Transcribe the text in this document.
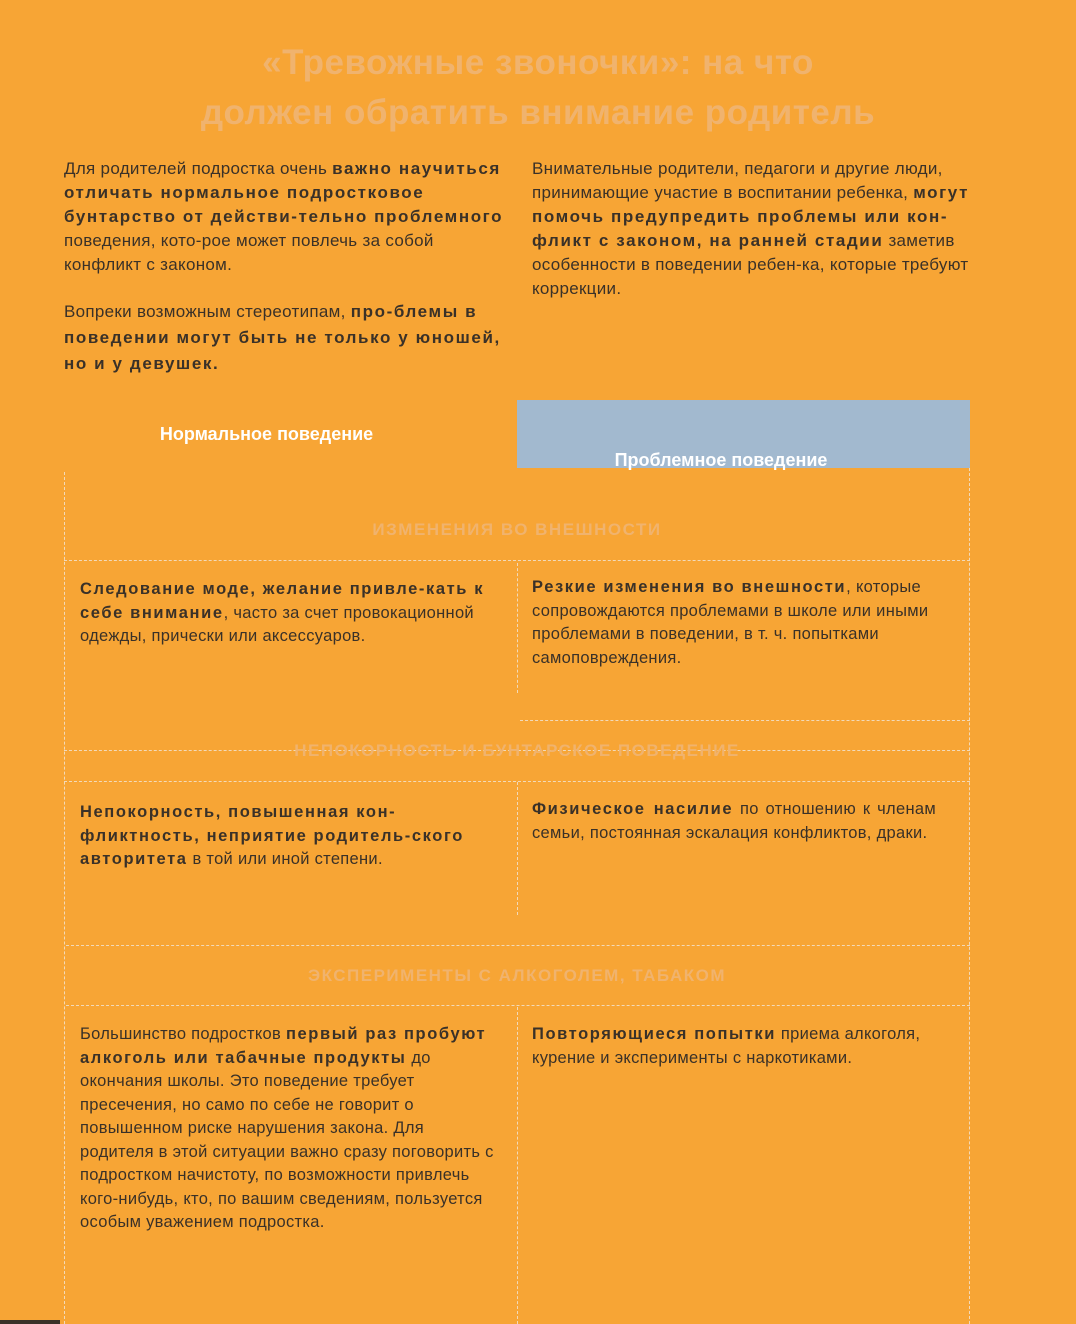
«Тревожные звоночки»: на что
должен обратить внимание родитель

Для родителей подростка очень важно научиться отличать нормальное подростковое бунтарство от действи-тельно проблемного поведения, кото-рое может повлечь за собой конфликт с законом.

Вопреки возможным стереотипам, про-блемы в поведении могут быть не только у юношей, но и у девушек.

Внимательные родители, педагоги и другие люди, принимающие участие в воспитании ребенка, могут помочь предупредить проблемы или кон-фликт с законом, на ранней стадии заметив особенности в поведении ребен-ка, которые требуют коррекции.

Нормальное поведение
Проблемное поведение
ИЗМЕНЕНИЯ ВО ВНЕШНОСТИ
Следование моде, желание привле-кать к себе внимание, часто за счет провокационной одежды, прически или аксессуаров.
Резкие изменения во внешности, которые сопровождаются проблемами в школе или иными проблемами в поведении, в т. ч. попытками самоповреждения.
НЕПОКОРНОСТЬ И БУНТАРСКОЕ ПОВЕДЕНИЕ
Непокорность, повышенная кон-фликтность, неприятие родитель-ского авторитета в той или иной степени.
Физическое насилие по отношению к членам семьи, постоянная эскалация конфликтов, драки.
ЭКСПЕРИМЕНТЫ С АЛКОГОЛЕМ, ТАБАКОМ
Большинство подростков первый раз пробуют алкоголь или табачные продукты до окончания школы. Это поведение требует пресечения, но само по себе не говорит о повышенном риске нарушения закона. Для родителя в этой ситуации важно сразу поговорить с подростком начистоту, по возможности привлечь кого-нибудь, кто, по вашим сведениям, пользуется особым уважением подростка.
Повторяющиеся попытки приема алкоголя, курение и эксперименты с наркотиками.
